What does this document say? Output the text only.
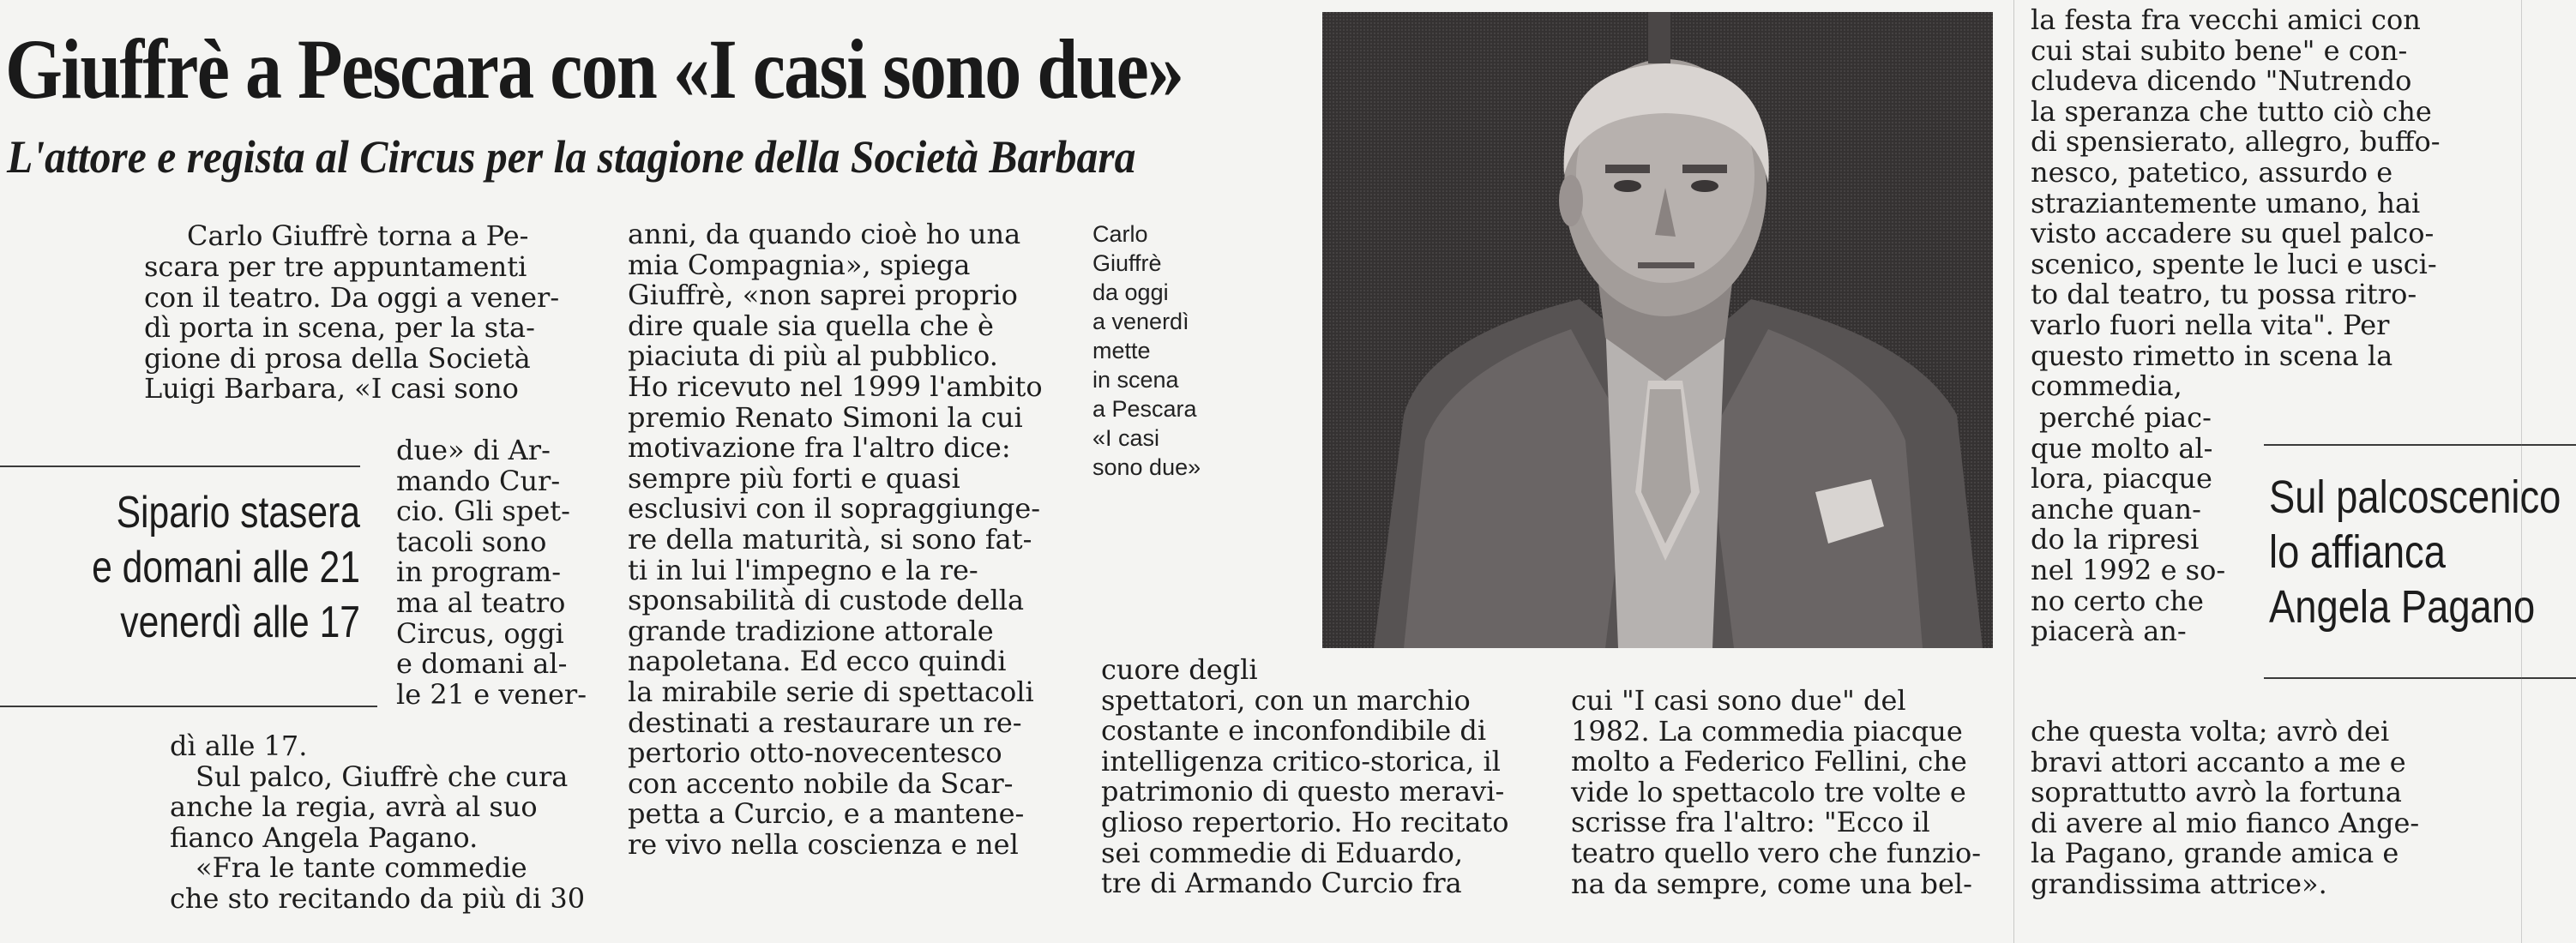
Giuffrè a Pescara con «I casi sono due»
L'attore e regista al Circus per la stagione della Società Barbara
Carlo Giuffrè torna a Pe-
scara per tre appuntamenti
con il teatro. Da oggi a vener-
dì porta in scena, per la sta-
gione di prosa della Società
Luigi Barbara, «I casi sono
Sipario stasera
e domani alle 21
venerdì alle 17
due» di Ar-
mando Cur-
cio. Gli spet-
tacoli sono
in program-
ma al teatro
Circus, oggi
e domani al-
le 21 e vener-
dì alle 17.
Sul palco, Giuffrè che cura
anche la regia, avrà al suo
fianco Angela Pagano.
«Fra le tante commedie
che sto recitando da più di 30
anni, da quando cioè ho una
mia Compagnia», spiega
Giuffrè, «non saprei proprio
dire quale sia quella che è
piaciuta di più al pubblico.
Ho ricevuto nel 1999 l'ambito
premio Renato Simoni la cui
motivazione fra l'altro dice:
sempre più forti e quasi
esclusivi con il sopraggiunge-
re della maturità, si sono fat-
ti in lui l'impegno e la re-
sponsabilità di custode della
grande tradizione attorale
napoletana. Ed ecco quindi
la mirabile serie di spettacoli
destinati a restaurare un re-
pertorio otto-novecentesco
con accento nobile da Scar-
petta a Curcio, e a mantene-
re vivo nella coscienza e nel
Carlo
Giuffrè
da oggi
a venerdì
mette
in scena
a Pescara
«I casi
sono due»
cuore degli
spettatori, con un marchio
costante e inconfondibile di
intelligenza critico-storica, il
patrimonio di questo meravi-
glioso repertorio. Ho recitato
sei commedie di Eduardo,
tre di Armando Curcio fra
cui "I casi sono due" del
1982. La commedia piacque
molto a Federico Fellini, che
vide lo spettacolo tre volte e
scrisse fra l'altro: "Ecco il
teatro quello vero che funzio-
na da sempre, come una bel-
la festa fra vecchi amici con
cui stai subito bene" e con-
cludeva dicendo "Nutrendo
la speranza che tutto ciò che
di spensierato, allegro, buffo-
nesco, patetico, assurdo e
straziantemente umano, hai
visto accadere su quel palco-
scenico, spente le luci e usci-
to dal teatro, tu possa ritro-
varlo fuori nella vita". Per
questo rimetto in scena la
commedia,
perché piac-
que molto al-
lora, piacque
anche quan-
do la ripresi
nel 1992 e so-
no certo che
piacerà an-
Sul palcoscenico
lo affianca
Angela Pagano
che questa volta; avrò dei
bravi attori accanto a me e
soprattutto avrò la fortuna
di avere al mio fianco Ange-
la Pagano, grande amica e
grandissima attrice».
